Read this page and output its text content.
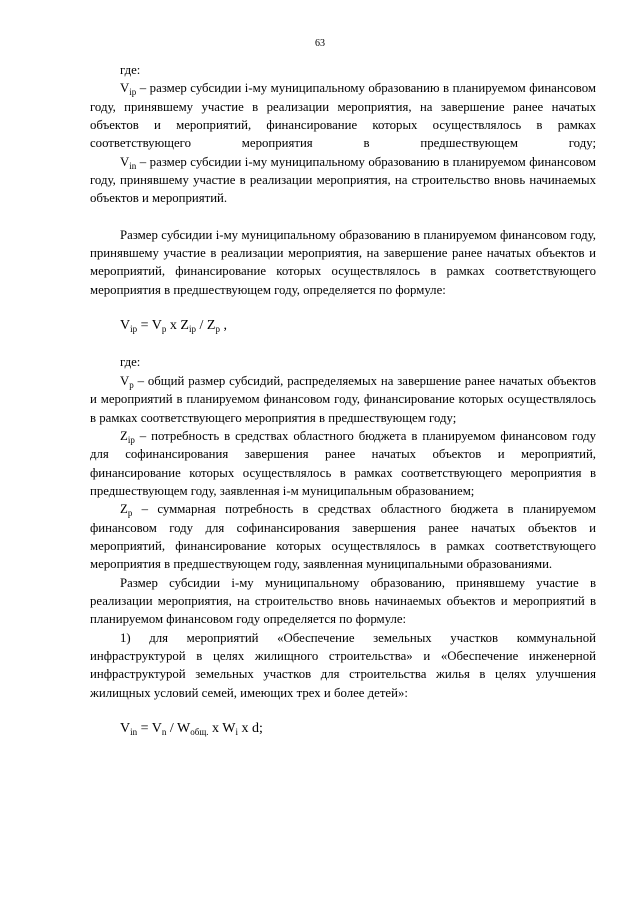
63

где:

$V_{ip}$ – размер субсидии i-му муниципальному образованию в планируемом финансовом году, принявшему участие в реализации мероприятия, на завершение ранее начатых объектов и мероприятий, финансирование которых осуществлялось в рамках соответствующего мероприятия в предшествующем году;

$V_{in}$ – размер субсидии i-му муниципальному образованию в планируемом финансовом году, принявшему участие в реализации мероприятия, на строительство вновь начинаемых объектов и мероприятий.

Размер субсидии i-му муниципальному образованию в планируемом финансовом году, принявшему участие в реализации мероприятия, на завершение ранее начатых объектов и мероприятий, финансирование которых осуществлялось в рамках соответствующего мероприятия в предшествующем году, определяется по формуле:

$V_{ip} = V_p$ x $Z_{ip} / Z_p$ ,

где:

$V_p$ – общий размер субсидий, распределяемых на завершение ранее начатых объектов и мероприятий в планируемом финансовом году, финансирование которых осуществлялось в рамках соответствующего мероприятия в предшествующем году;

$Z_{ip}$ – потребность в средствах областного бюджета в планируемом финансовом году для софинансирования завершения ранее начатых объектов и мероприятий, финансирование которых осуществлялось в рамках соответствующего мероприятия в предшествующем году, заявленная i-м муниципальным образованием;

$Z_p$ – суммарная потребность в средствах областного бюджета в планируемом финансовом году для софинансирования завершения ранее начатых объектов и мероприятий, финансирование которых осуществлялось в рамках соответствующего мероприятия в предшествующем году, заявленная муниципальными образованиями.

Размер субсидии i-му муниципальному образованию, принявшему участие в реализации мероприятия, на строительство вновь начинаемых объектов и мероприятий в планируемом финансовом году определяется по формуле:

1) для мероприятий «Обеспечение земельных участков коммунальной инфраструктурой в целях жилищного строительства» и «Обеспечение инженерной инфраструктурой земельных участков для строительства жилья в целях улучшения жилищных условий семей, имеющих трех и более детей»:

$V_{in} = V_n / W_{общ.}$ x $W_i$ x d;
